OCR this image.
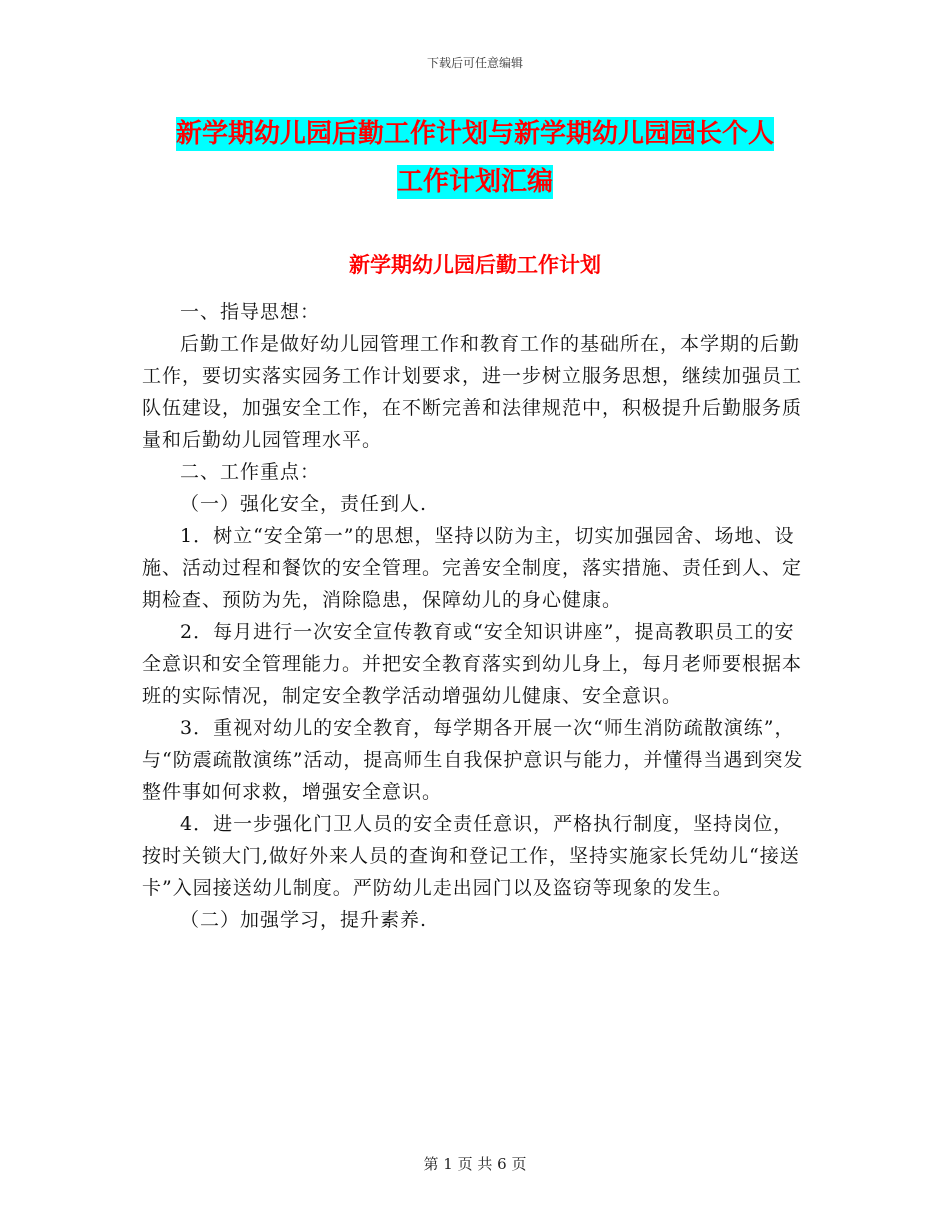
下载后可任意编辑
新学期幼儿园后勤工作计划与新学期幼儿园园长个人
工作计划汇编
新学期幼儿园后勤工作计划

一、指导思想：

后勤工作是做好幼儿园管理工作和教育工作的基础所在，本学期的后勤工作，要切实落实园务工作计划要求，进一步树立服务思想，继续加强员工队伍建设，加强安全工作，在不断完善和法律规范中，积极提升后勤服务质量和后勤幼儿园管理水平。

二、工作重点：

（一）强化安全，责任到人.

1．树立“安全第一”的思想，坚持以防为主，切实加强园舍、场地、设施、活动过程和餐饮的安全管理。完善安全制度，落实措施、责任到人、定期检查、预防为先，消除隐患，保障幼儿的身心健康。

2．每月进行一次安全宣传教育或“安全知识讲座”，提高教职员工的安全意识和安全管理能力。并把安全教育落实到幼儿身上，每月老师要根据本班的实际情况，制定安全教学活动增强幼儿健康、安全意识。

3．重视对幼儿的安全教育，每学期各开展一次“师生消防疏散演练”，与“防震疏散演练”活动，提高师生自我保护意识与能力，并懂得当遇到突发整件事如何求救，增强安全意识。

4．进一步强化门卫人员的安全责任意识，严格执行制度，坚持岗位，按时关锁大门,做好外来人员的查询和登记工作，坚持实施家长凭幼儿“接送卡”入园接送幼儿制度。严防幼儿走出园门以及盗窃等现象的发生。

（二）加强学习，提升素养.

第 1 页 共 6 页
